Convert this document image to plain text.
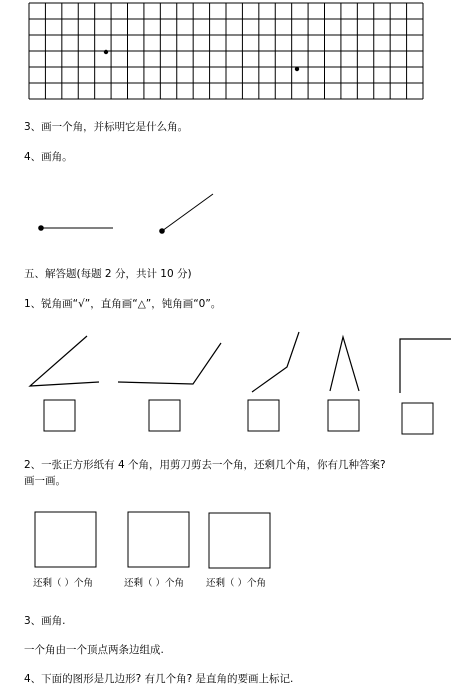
3、画一个角，并标明它是什么角。
4、画角。
五、解答题(每题 2 分，共计 10 分)
1、锐角画“√”，直角画“△”，钝角画“0”。
2、一张正方形纸有 4 个角，用剪刀剪去一个角，还剩几个角，你有几种答案?
画一画。
还剩（ ）个角	还剩（ ）个角 还剩（ ）个角
3、画角.
一个角由一个顶点两条边组成.
4、下面的图形是几边形? 有几个角? 是直角的要画上标记.
